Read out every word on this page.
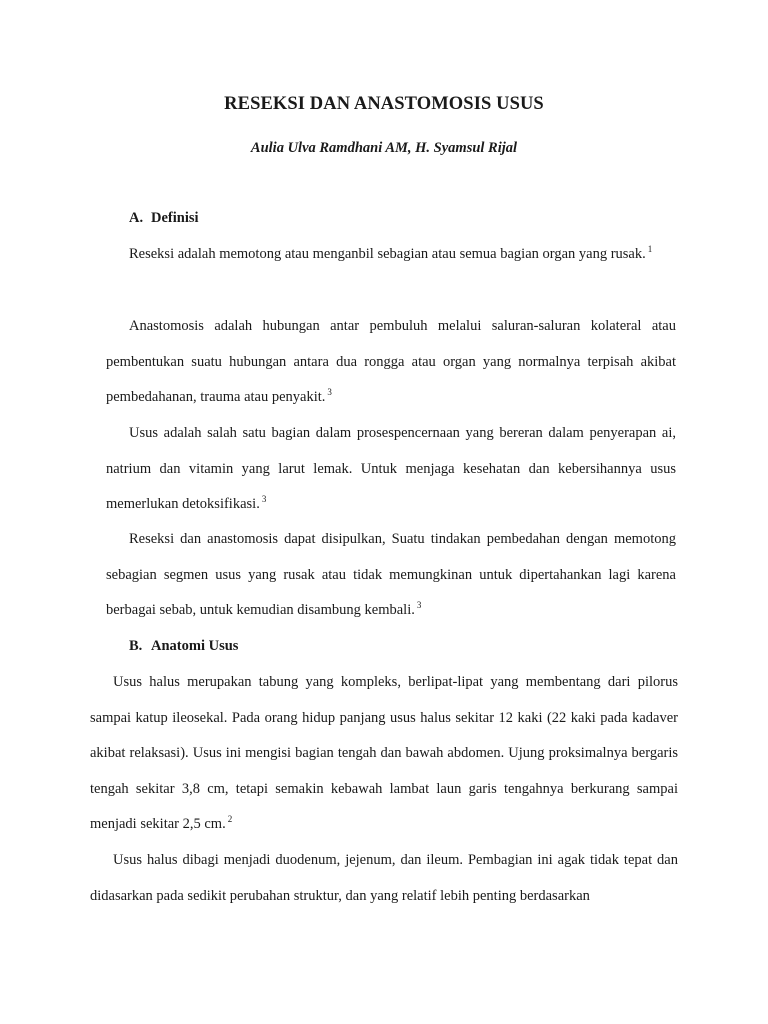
RESEKSI DAN ANASTOMOSIS USUS
Aulia Ulva Ramdhani AM, H. Syamsul Rijal
A. Definisi

Reseksi adalah memotong atau menganbil sebagian atau semua bagian organ yang rusak. $^1$

Anastomosis adalah hubungan antar pembuluh melalui saluran-saluran kolateral atau pembentukan suatu hubungan antara dua rongga atau organ yang normalnya terpisah akibat pembedahanan, trauma atau penyakit. $^3$

Usus adalah salah satu bagian dalam prosespencernaan yang bereran dalam penyerapan ai, natrium dan vitamin yang larut lemak. Untuk menjaga kesehatan dan kebersihannya usus memerlukan detoksifikasi. $^3$

Reseksi dan anastomosis dapat disipulkan, Suatu tindakan pembedahan dengan memotong sebagian segmen usus yang rusak atau tidak memungkinan untuk dipertahankan lagi karena berbagai sebab, untuk kemudian disambung kembali. $^3$

B. Anatomi Usus

Usus halus merupakan tabung yang kompleks, berlipat-lipat yang membentang dari pilorus sampai katup ileosekal. Pada orang hidup panjang usus halus sekitar 12 kaki (22 kaki pada kadaver akibat relaksasi). Usus ini mengisi bagian tengah dan bawah abdomen. Ujung proksimalnya bergaris tengah sekitar 3,8 cm, tetapi semakin kebawah lambat laun garis tengahnya berkurang sampai menjadi sekitar 2,5 cm. $^2$

Usus halus dibagi menjadi duodenum, jejenum, dan ileum. Pembagian ini agak tidak tepat dan didasarkan pada sedikit perubahan struktur, dan yang relatif lebih penting berdasarkan
